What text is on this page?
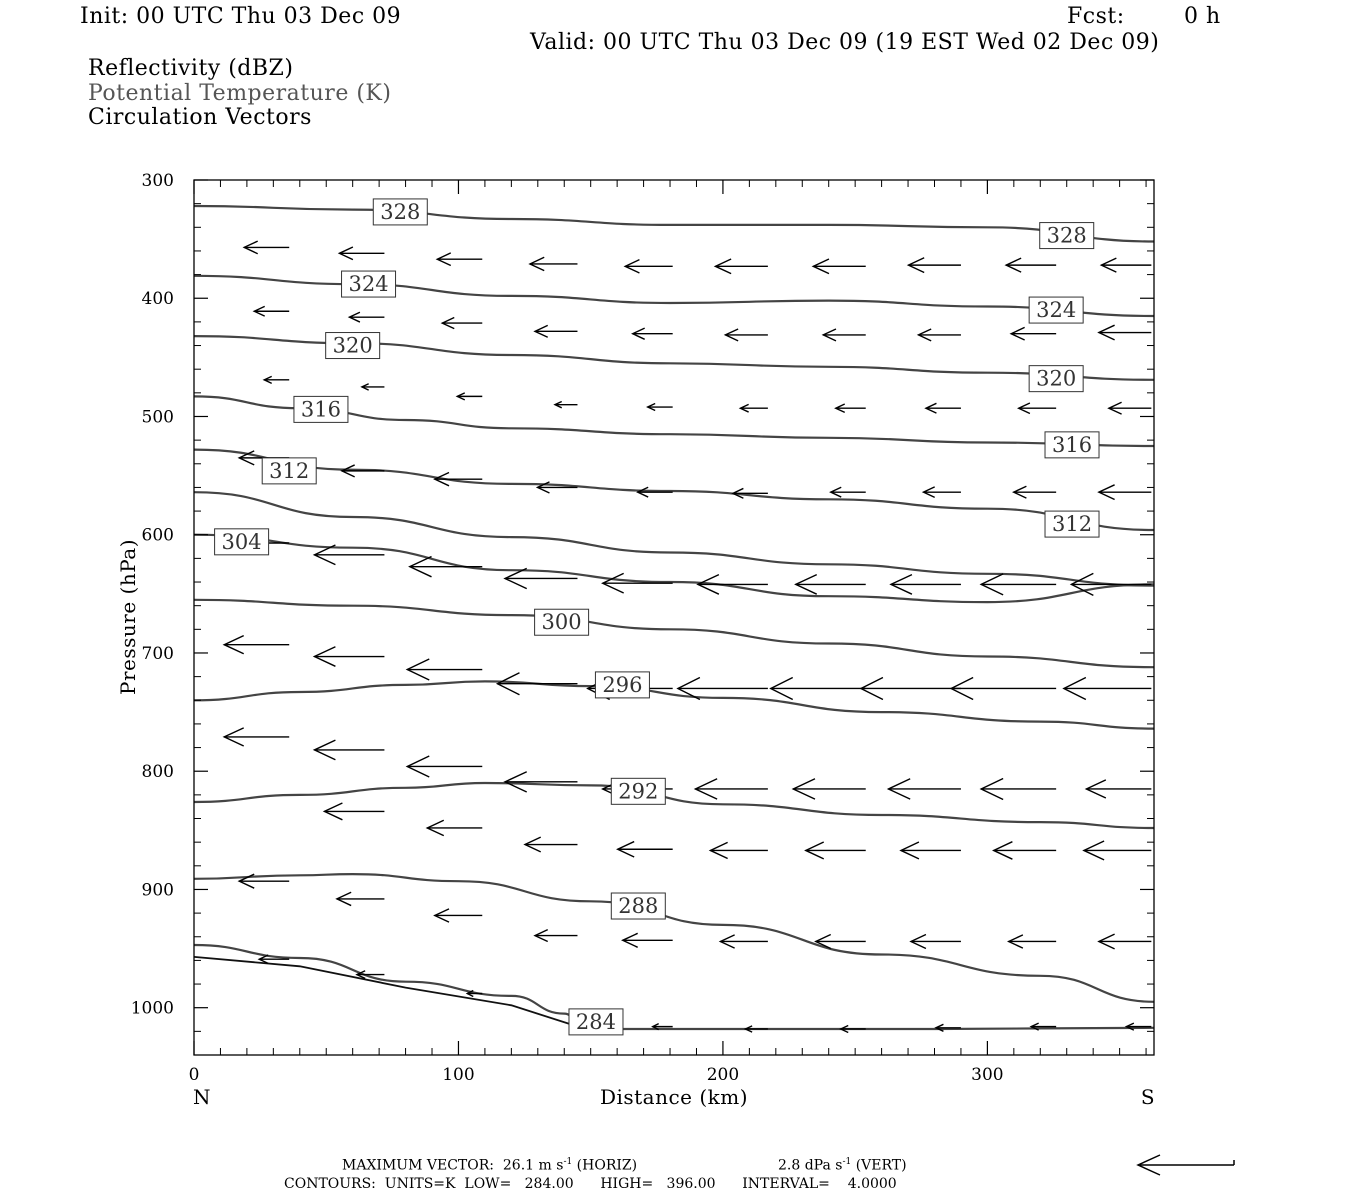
Init: 00 UTC Thu 03 Dec 09	Fcst:	0 h
Valid: 00 UTC Thu 03 Dec 09 (19 EST Wed 02 Dec 09)
Reflectivity (dBZ)
Potential Temperature (K)
Circulation Vectors
328
328
324
324
320
320
316
316
312
312
304
300
296
292
288
284
300
400
500
600
700
800
900
1000
0	100	200	300
Distance (km)
Pressure (hPa)
N	S
MAXIMUM VECTOR: 26.1 m $s^{-1}$ (HORIZ)	2.8 dPa $s^{-1}$ (VERT)
CONTOURS:  UNITS=K  LOW=   284.00      HIGH=   396.00      INTERVAL=    4.0000
